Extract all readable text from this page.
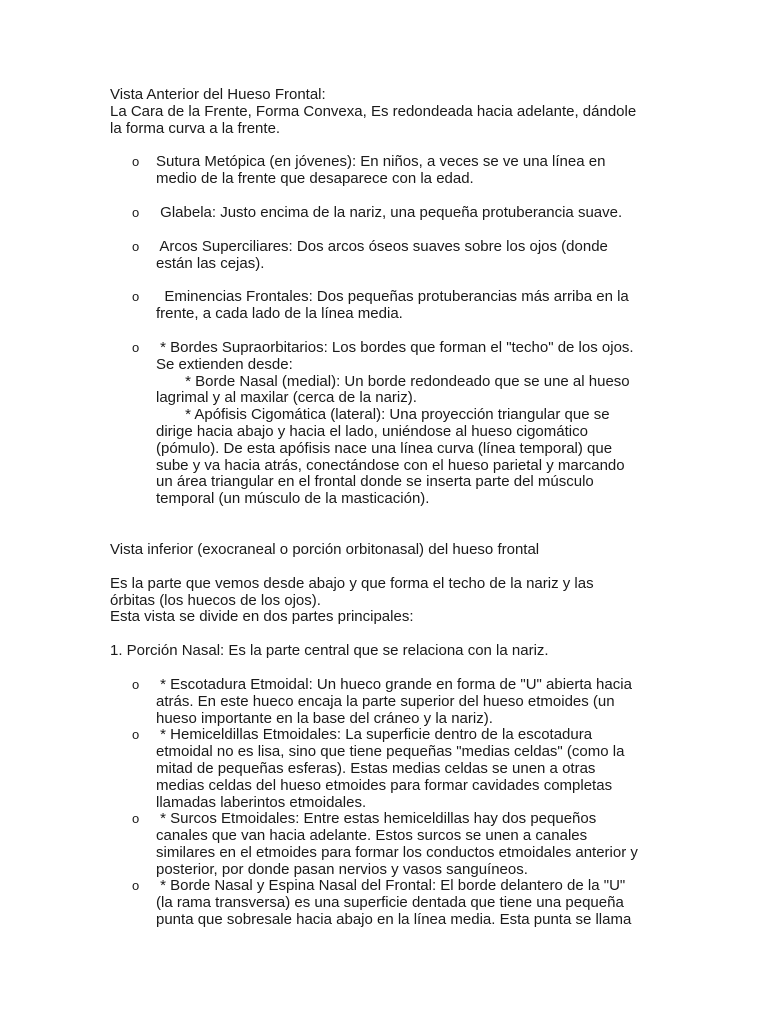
Vista Anterior del Hueso Frontal:
La Cara de la Frente, Forma Convexa, Es redondeada hacia adelante, dándole
la forma curva a la frente.
o Sutura Metópica (en jóvenes): En niños, a veces se ve una línea en
medio de la frente que desaparece con la edad.
o Glabela: Justo encima de la nariz, una pequeña protuberancia suave.
o Arcos Superciliares: Dos arcos óseos suaves sobre los ojos (donde
están las cejas).
o Eminencias Frontales: Dos pequeñas protuberancias más arriba en la
frente, a cada lado de la línea media.
o * Bordes Supraorbitarios: Los bordes que forman el "techo" de los ojos.
Se extienden desde:
* Borde Nasal (medial): Un borde redondeado que se une al hueso
lagrimal y al maxilar (cerca de la nariz).
* Apófisis Cigomática (lateral): Una proyección triangular que se
dirige hacia abajo y hacia el lado, uniéndose al hueso cigomático
(pómulo). De esta apófisis nace una línea curva (línea temporal) que
sube y va hacia atrás, conectándose con el hueso parietal y marcando
un área triangular en el frontal donde se inserta parte del músculo
temporal (un músculo de la masticación).
Vista inferior (exocraneal o porción orbitonasal) del hueso frontal
Es la parte que vemos desde abajo y que forma el techo de la nariz y las
órbitas (los huecos de los ojos).
Esta vista se divide en dos partes principales:
1. Porción Nasal: Es la parte central que se relaciona con la nariz.
o * Escotadura Etmoidal: Un hueco grande en forma de "U" abierta hacia
atrás. En este hueco encaja la parte superior del hueso etmoides (un
hueso importante en la base del cráneo y la nariz).
o * Hemiceldillas Etmoidales: La superficie dentro de la escotadura
etmoidal no es lisa, sino que tiene pequeñas "medias celdas" (como la
mitad de pequeñas esferas). Estas medias celdas se unen a otras
medias celdas del hueso etmoides para formar cavidades completas
llamadas laberintos etmoidales.
o * Surcos Etmoidales: Entre estas hemiceldillas hay dos pequeños
canales que van hacia adelante. Estos surcos se unen a canales
similares en el etmoides para formar los conductos etmoidales anterior y
posterior, por donde pasan nervios y vasos sanguíneos.
o * Borde Nasal y Espina Nasal del Frontal: El borde delantero de la "U"
(la rama transversa) es una superficie dentada que tiene una pequeña
punta que sobresale hacia abajo en la línea media. Esta punta se llama
